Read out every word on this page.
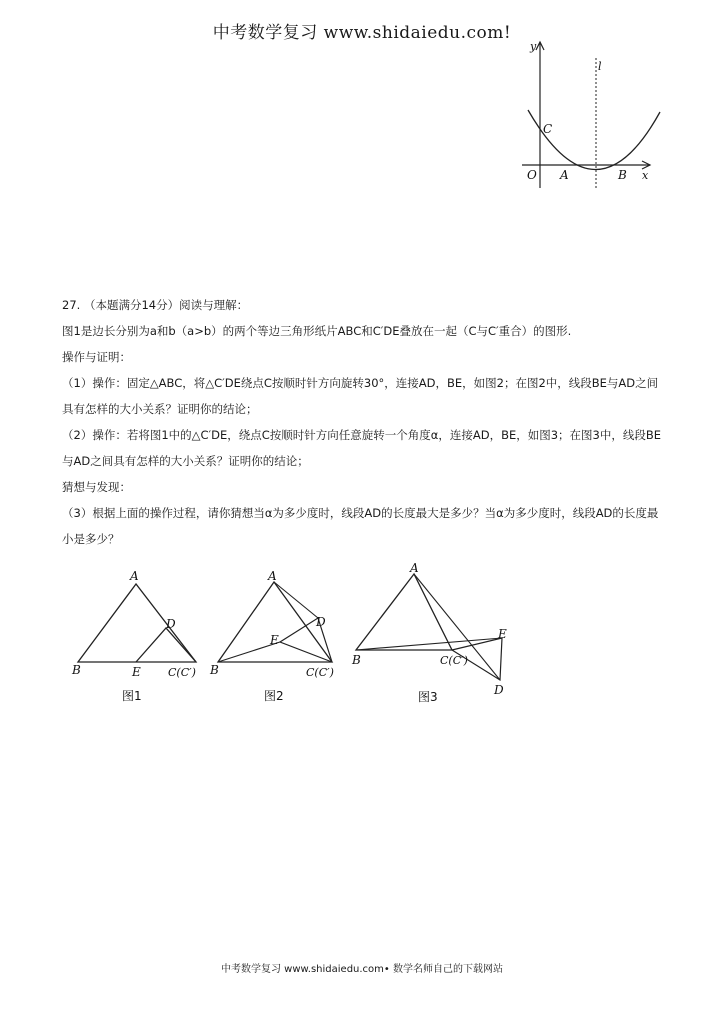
中考数学复习 www.shidaiedu.com!
y
l
C
O A	B x

27. （本题满分14分）阅读与理解：

图1是边长分别为a和b（a>b）的两个等边三角形纸片ABC和C′DE叠放在一起（C与C′重合）的图形.

操作与证明：

（1）操作：固定△ABC，将△C′DE绕点C按顺时针方向旋转30°，连接AD，BE，如图2；在图2中，线段BE与AD之间具有怎样的大小关系？证明你的结论；

（2）操作：若将图1中的△C′DE，绕点C按顺时针方向任意旋转一个角度α，连接AD，BE，如图3；在图3中，线段BE与AD之间具有怎样的大小关系？证明你的结论；

猜想与发现：

（3）根据上面的操作过程，请你猜想当α为多少度时，线段AD的长度最大是多少？当α为多少度时，线段AD的长度最小是多少？

A
D
B	E C(C′)
图1
A
D
E
B	C(C′)
图2
A
E
B	C(C′)
D
图3
中考数学复习 www.shidaiedu.com• 数学名师自己的下载网站
